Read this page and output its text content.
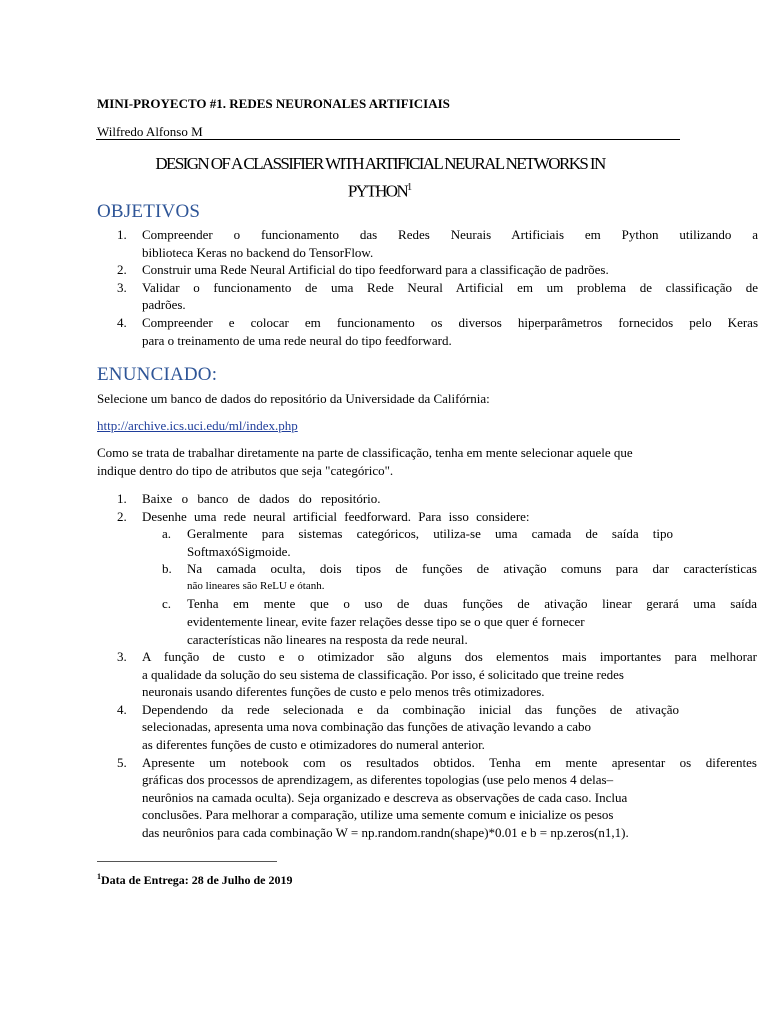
MINI-PROYECTO #1. REDES NEURONALES ARTIFICIAIS
Wilfredo Alfonso M
DESIGN OF A CLASSIFIER WITH ARTIFICIAL NEURAL NETWORKS IN
PYTHON$^1$
OBJETIVOS
1. Compreender o funcionamento das Redes Neurais Artificiais em Python utilizando a
biblioteca Keras no backend do TensorFlow.
2. Construir uma Rede Neural Artificial do tipo feedforward para a classificação de padrões.
3. Validar o funcionamento de uma Rede Neural Artificial em um problema de classificação de
padrões.
4. Compreender e colocar em funcionamento os diversos hiperparâmetros fornecidos pelo Keras
para o treinamento de uma rede neural do tipo feedforward.
ENUNCIADO:
Selecione um banco de dados do repositório da Universidade da Califórnia:
http://archive.ics.uci.edu/ml/index.php
Como se trata de trabalhar diretamente na parte de classificação, tenha em mente selecionar aquele que
indique dentro do tipo de atributos que seja "categórico".
1. Baixe o banco de dados do repositório.
2. Desenhe uma rede neural artificial feedforward. Para isso considere:
a. Geralmente para sistemas categóricos, utiliza-se uma camada de saída tipo
SoftmaxóSigmoide.
b. Na camada oculta, dois tipos de funções de ativação comuns para dar características
não lineares são ReLU e ótanh.
c. Tenha em mente que o uso de duas funções de ativação linear gerará uma saída
evidentemente linear, evite fazer relações desse tipo se o que quer é fornecer
características não lineares na resposta da rede neural.
3. A função de custo e o otimizador são alguns dos elementos mais importantes para melhorar
a qualidade da solução do seu sistema de classificação. Por isso, é solicitado que treine redes
neuronais usando diferentes funções de custo e pelo menos três otimizadores.
4. Dependendo da rede selecionada e da combinação inicial das funções de ativação
selecionadas, apresenta uma nova combinação das funções de ativação levando a cabo
as diferentes funções de custo e otimizadores do numeral anterior.
5. Apresente um notebook com os resultados obtidos. Tenha em mente apresentar os diferentes
gráficas dos processos de aprendizagem, as diferentes topologias (use pelo menos 4 delas–
neurônios na camada oculta). Seja organizado e descreva as observações de cada caso. Inclua
conclusões. Para melhorar a comparação, utilize uma semente comum e inicialize os pesos
das neurônios para cada combinação W = np.random.randn(shape)*0.01 e b = np.zeros(n1,1).
$^1$Data de Entrega: 28 de Julho de 2019
